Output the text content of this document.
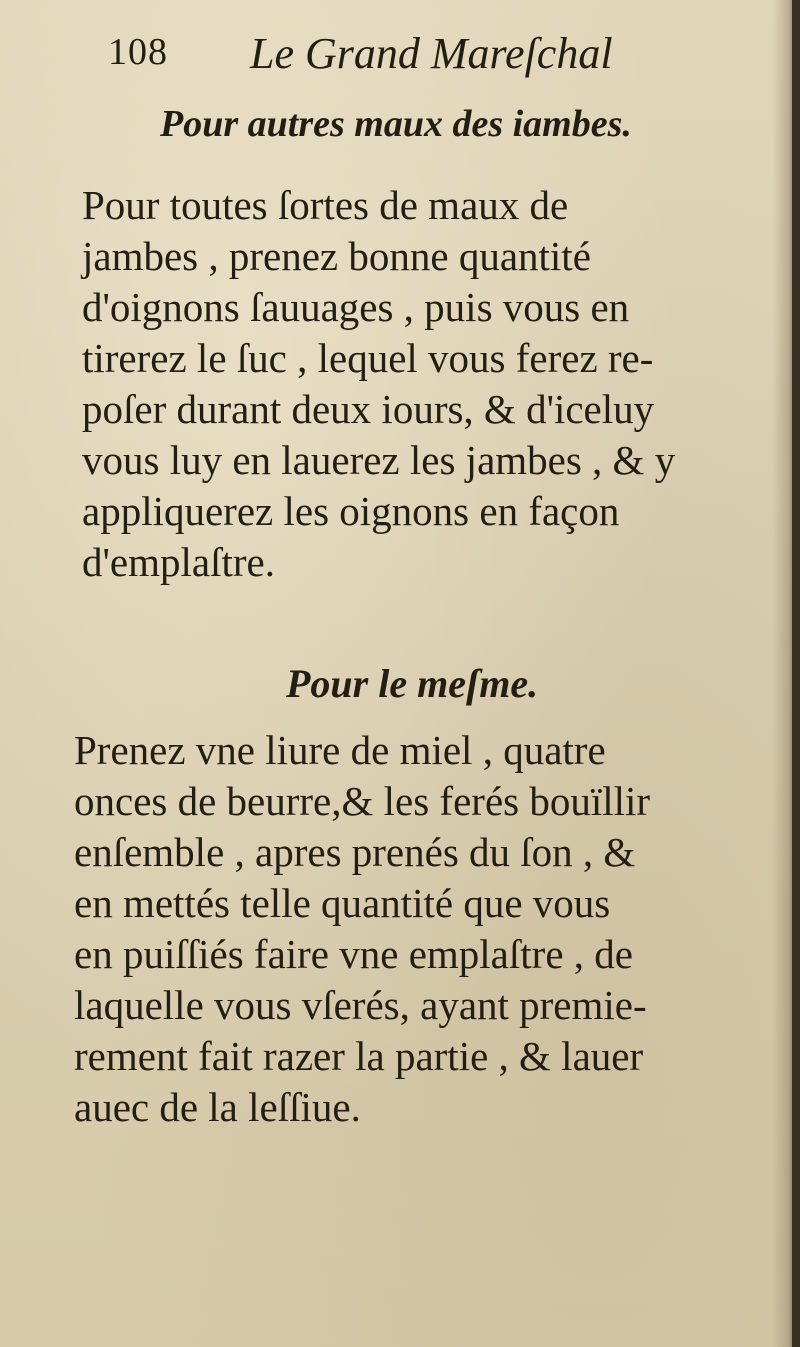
108 Le Grand Mareſchal
Pour autres maux des iambes.
Pour toutes ſortes de maux de
jambes , prenez bonne quantité
d'oignons ſauuages , puis vous en
tirerez le ſuc , lequel vous ferez re-
poſer durant deux iours, & d'iceluy
vous luy en lauerez les jambes , & y
appliquerez les oignons en façon
d'emplaſtre.
Pour le meſme.
Prenez vne liure de miel , quatre
onces de beurre,& les ferés bouïllir
enſemble , apres prenés du ſon , &
en mettés telle quantité que vous
en puiſſiés faire vne emplaſtre , de
laquelle vous vſerés, ayant premie-
rement fait razer la partie , & lauer
auec de la leſſiue.
